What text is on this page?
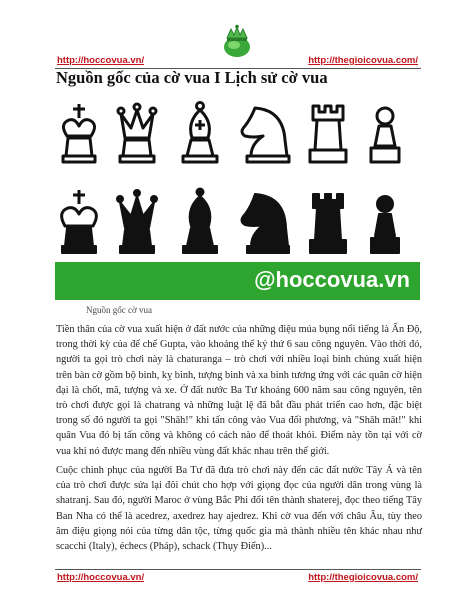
http://hoccovua.vn/	http://thegioicovua.com/
Nguồn gốc của cờ vua I Lịch sử cờ vua
@hoccovua.vn
Nguồn gốc cờ vua

Tiền thân của cờ vua xuất hiện ở đất nước của những điệu múa bụng nổi tiếng là Ấn Độ, trong thời kỳ của đế chế Gupta, vào khoảng thế kỷ thứ 6 sau công nguyên. Vào thời đó, người ta gọi trò chơi này là chaturanga – trò chơi với nhiều loại binh chủng xuất hiện trên bàn cờ gồm bộ binh, kỵ binh, tượng binh và xa binh tương ứng với các quân cờ hiện đại là chốt, mã, tượng và xe. Ở đất nước Ba Tư khoảng 600 năm sau công nguyên, tên trò chơi được gọi là chatrang và những luật lệ đã bắt đầu phát triển cao hơn, đặc biệt trong số đó người ta gọi "Shāh!" khi tấn công vào Vua đối phương, và "Shāh māt!" khi quân Vua đó bị tấn công và không có cách nào để thoát khỏi. Điểm này tồn tại với cờ vua khi nó được mang đến nhiều vùng đất khác nhau trên thế giới.

Cuộc chinh phục của người Ba Tư đã đưa trò chơi này đến các đất nước Tây Á và tên của trò chơi được sửa lại đôi chút cho hợp với giọng đọc của người dân trong vùng là shatranj. Sau đó, người Maroc ở vùng Bắc Phi đổi tên thành shaterej, đọc theo tiếng Tây Ban Nha có thể là acedrez, axedrez hay ajedrez. Khi cờ vua đến với châu Âu, tùy theo âm điệu giọng nói của từng dân tộc, từng quốc gia mà thành nhiều tên khác nhau như scacchi (Italy), échecs (Pháp), schack (Thụy Điển)...

http://hoccovua.vn/	http://thegioicovua.com/
